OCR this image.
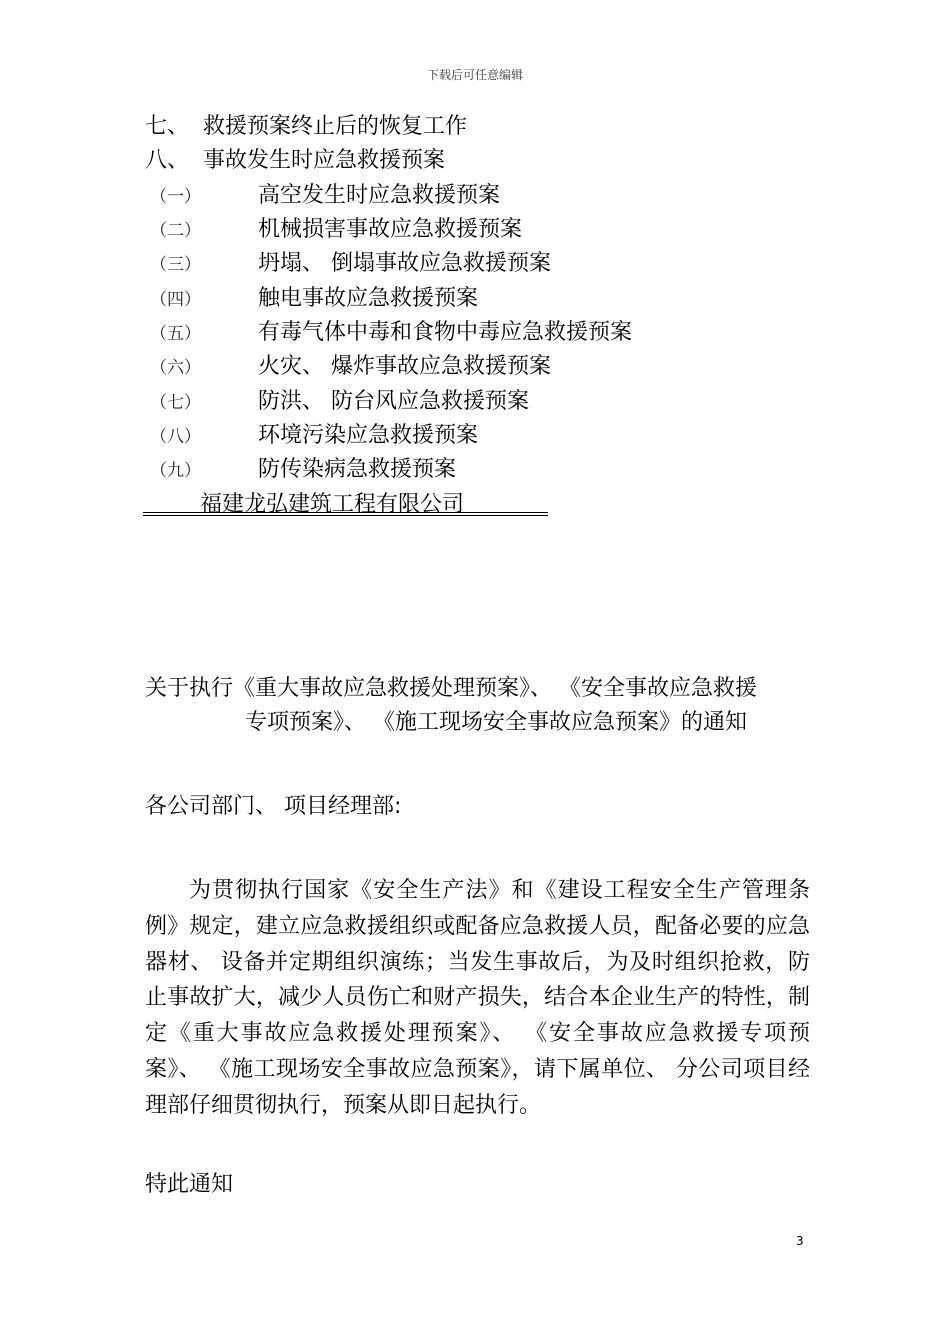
下载后可任意编辑
七、 救援预案终止后的恢复工作
八、 事故发生时应急救援预案
（一）	高空发生时应急救援预案
（二）	机械损害事故应急救援预案
（三）	坍塌、 倒塌事故应急救援预案
（四）	触电事故应急救援预案
（五）	有毒气体中毒和食物中毒应急救援预案
（六）	火灾、 爆炸事故应急救援预案
（七）	防洪、 防台风应急救援预案
（八）	环境污染应急救援预案
（九）	防传染病急救援预案
福建龙弘建筑工程有限公司
关于执行《重大事故应急救援处理预案》、 《安全事故应急救援
专项预案》、 《施工现场安全事故应急预案》的通知
各公司部门、 项目经理部:
为贯彻执行国家《安全生产法》和《建设工程安全生产管理条例》规定，建立应急救援组织或配备应急救援人员，配备必要的应急器材、 设备并定期组织演练；当发生事故后，为及时组织抢救，防止事故扩大，减少人员伤亡和财产损失，结合本企业生产的特性，制定《重大事故应急救援处理预案》、 《安全事故应急救援专项预案》、 《施工现场安全事故应急预案》，请下属单位、 分公司项目经理部仔细贯彻执行，预案从即日起执行。
特此通知
3
